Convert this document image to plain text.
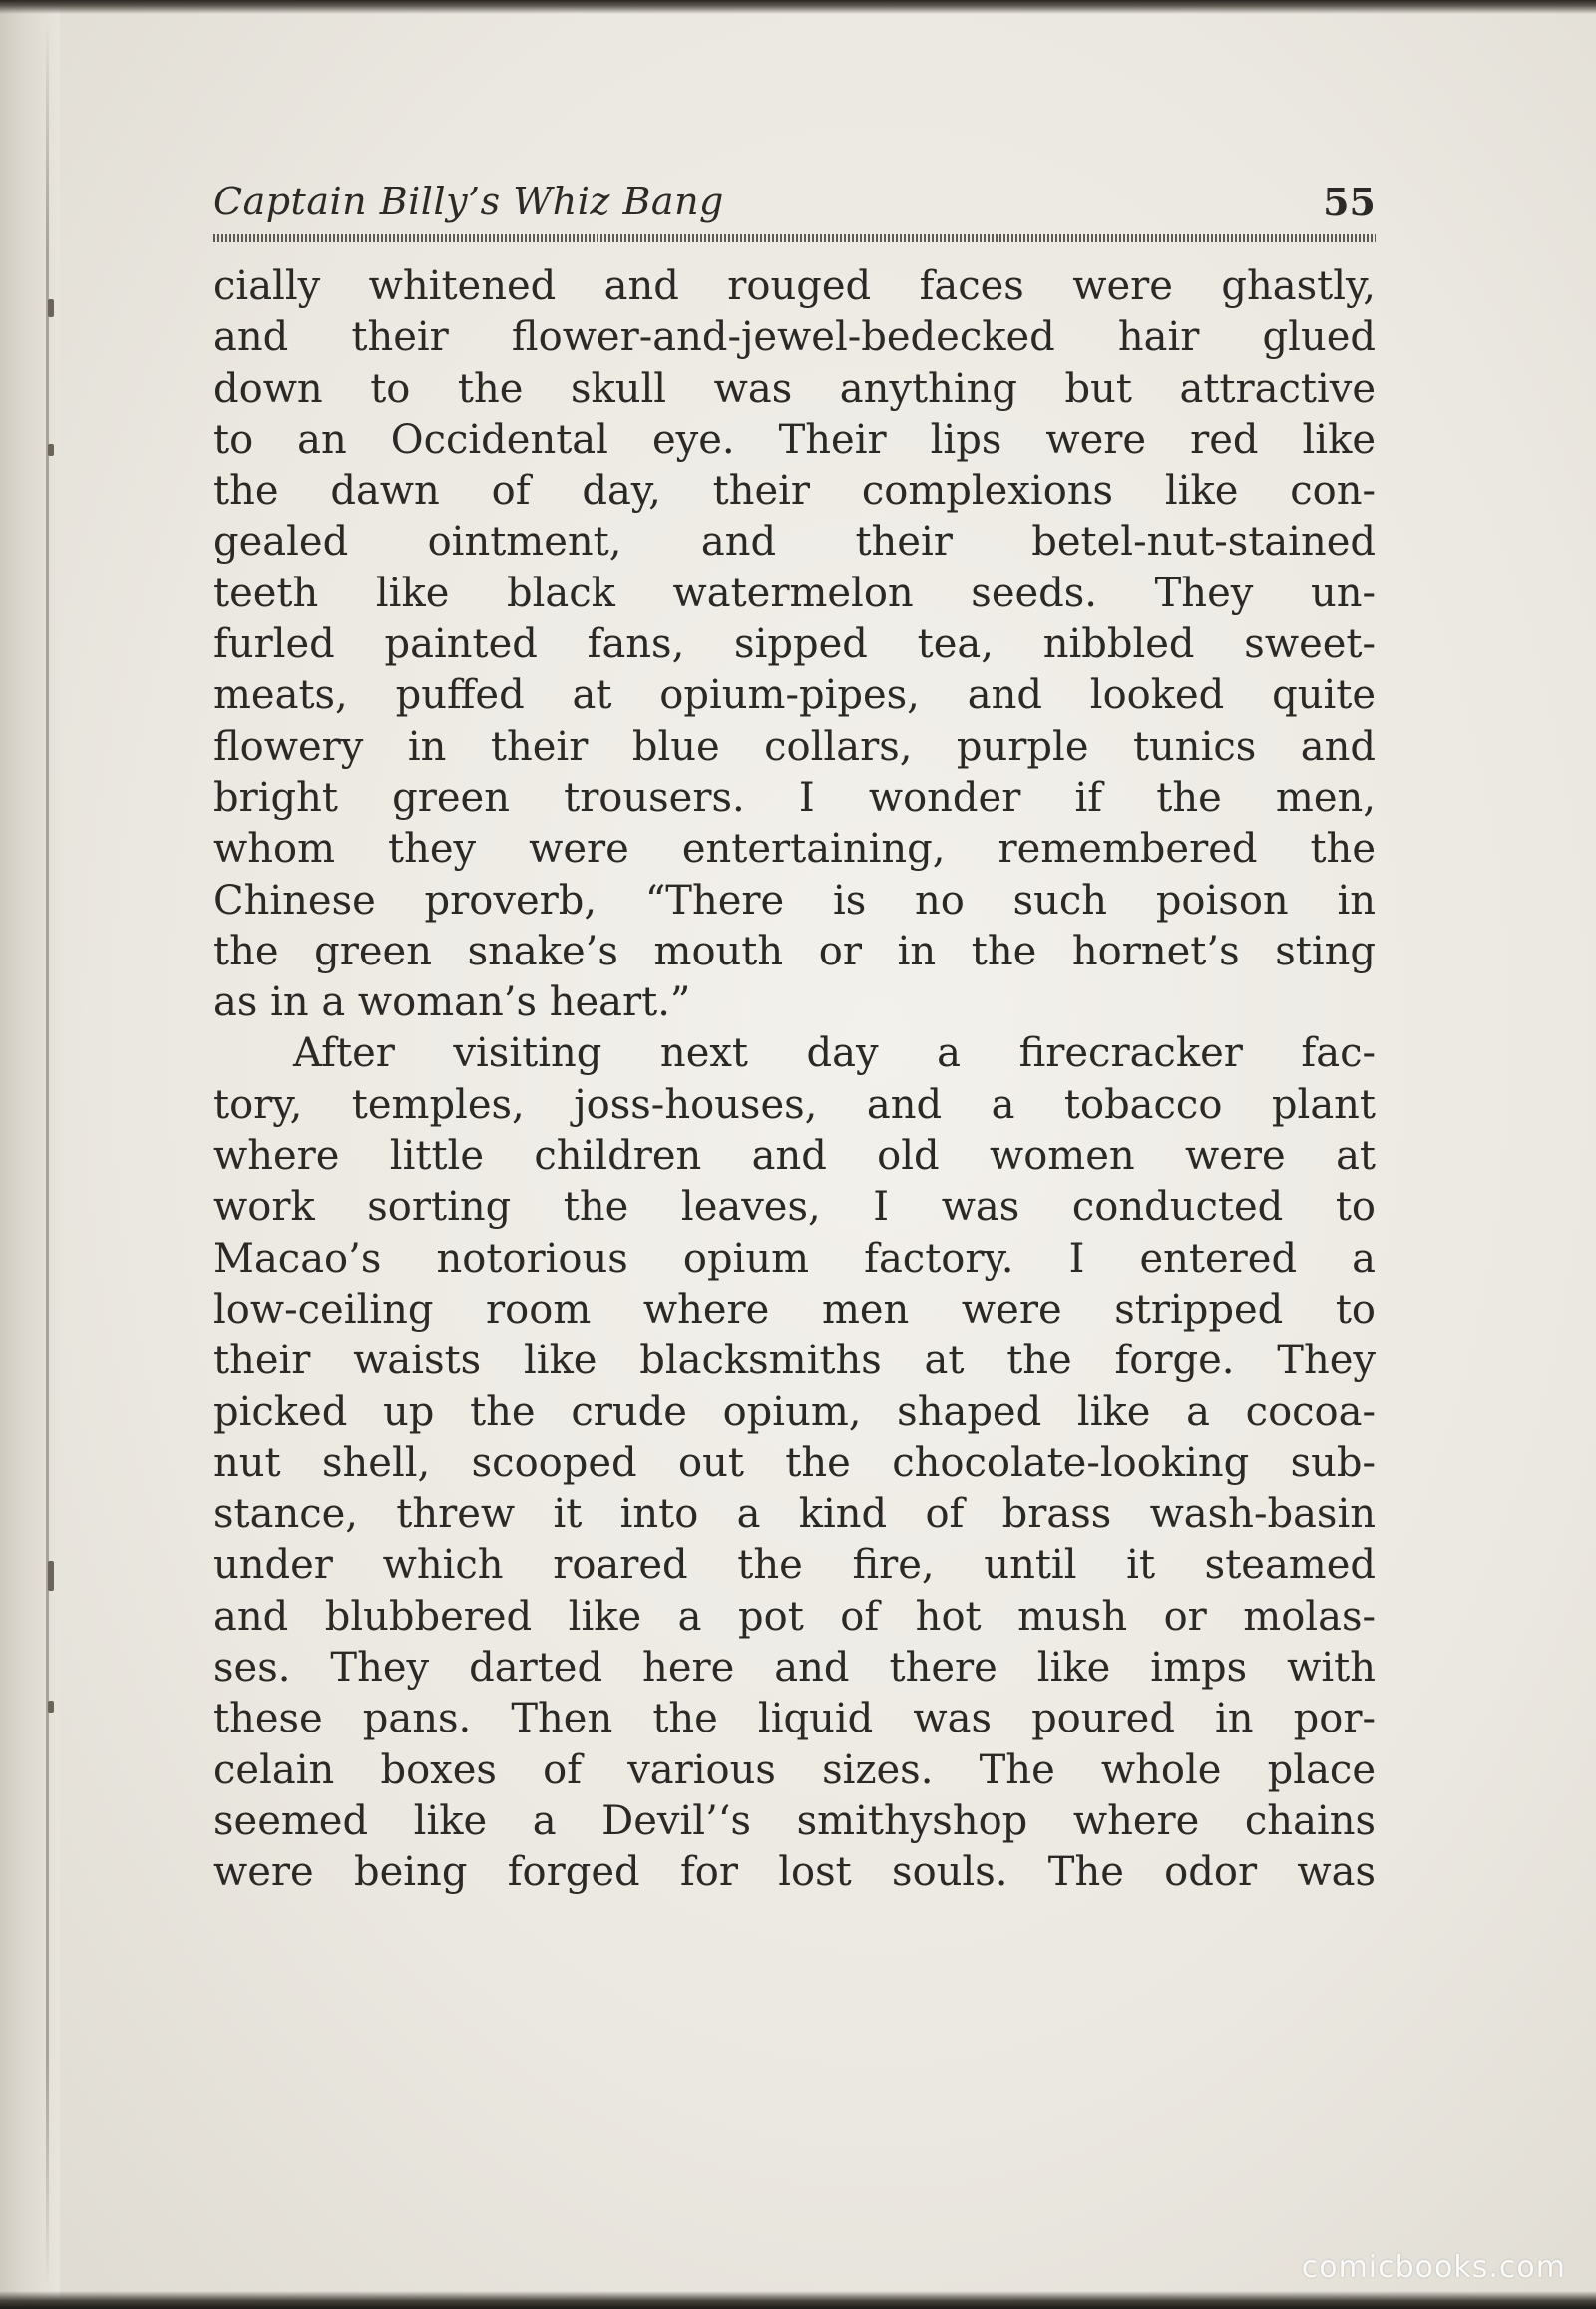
Captain Billy’s Whiz Bang	55
cially whitened and rouged faces were ghastly,
and their flower-and-jewel-bedecked hair glued
down to the skull was anything but attractive
to an Occidental eye. Their lips were red like
the dawn of day, their complexions like con-
gealed ointment, and their betel-nut-stained
teeth like black watermelon seeds. They un-
furled painted fans, sipped tea, nibbled sweet-
meats, puffed at opium-pipes, and looked quite
flowery in their blue collars, purple tunics and
bright green trousers. I wonder if the men,
whom they were entertaining, remembered the
Chinese proverb, “There is no such poison in
the green snake’s mouth or in the hornet’s sting
as in a woman’s heart.”
After visiting next day a firecracker fac-
tory, temples, joss-houses, and a tobacco plant
where little children and old women were at
work sorting the leaves, I was conducted to
Macao’s notorious opium factory. I entered a
low-ceiling room where men were stripped to
their waists like blacksmiths at the forge. They
picked up the crude opium, shaped like a cocoa-
nut shell, scooped out the chocolate-looking sub-
stance, threw it into a kind of brass wash-basin
under which roared the fire, until it steamed
and blubbered like a pot of hot mush or molas-
ses. They darted here and there like imps with
these pans. Then the liquid was poured in por-
celain boxes of various sizes. The whole place
seemed like a Devil’‘s smithyshop where chains
were being forged for lost souls. The odor was
comicbooks.com
